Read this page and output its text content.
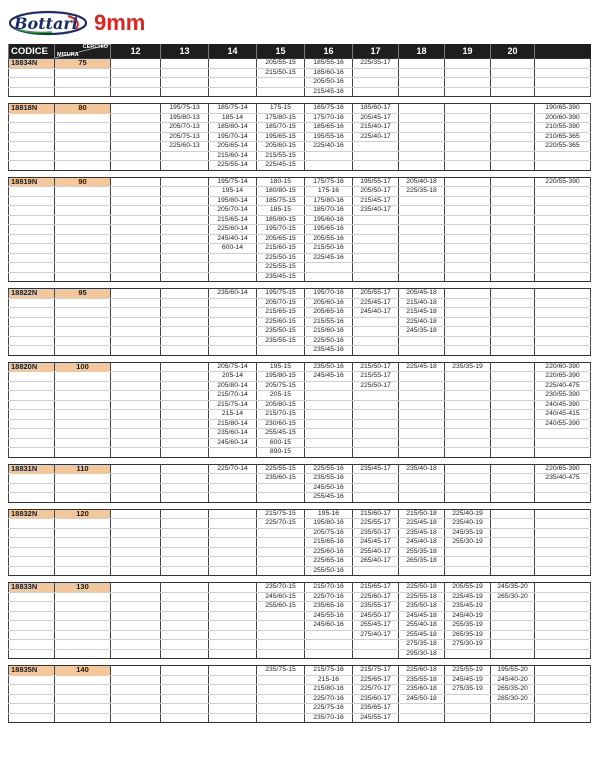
Bottari 9mm
CODICE	CERCHIO
MISURA	12	13	14	15	16	17	18	19	20	
18834N	75				205/55-15	185/55-16	225/35-17				
					215/50-15	185/60-16					
						205/50-16					
						215/45-16					

18818N	80		195/75-13	185/75-14	175-15	165/75-16	185/60-17				190/65-390
			195/80-13	185-14	175/80-15	175/70-16	205/45-17				200/60-390
			205/70-13	185/80-14	185/70-15	185/65-16	215/40-17				210/55-390
			205/75-13	195/70-14	195/65-15	195/55-16	225/40-17				210/65-365
			225/60-13	205/65-14	205/60-15	225/40-16					220/55-365
				215/60-14	215/55-15						
				225/55-14	225/45-15						

18819N	90			195/75-14	180-15	175/75-16	195/55-17	205/40-18			220/55-390
				195-14	180/80-15	175-16	205/50-17	225/35-18			
				195/80-14	185/75-15	175/80-16	215/45-17				
				205/70-14	185-15	185/70-16	235/40-17				
				215/65-14	185/80-15	195/60-16					
				225/60-14	195/70-15	195/65-16					
				245/40-14	205/65-15	205/55-16					
				600-14	215/60-15	215/50-16					
					225/50-15	225/45-16					
					225/55-15						
					235/45-15						

18822N	95			235/60-14	195/75-15	195/70-16	205/55-17	205/45-18			
					205/70-15	205/60-16	225/45-17	215/40-18			
					215/65-15	205/65-16	245/40-17	215/45-18			
					225/60-15	215/55-16		225/40-18			
					235/50-15	215/60-16		245/35-18			
					235/55-15	225/50-16					
						235/45-16					

18820N	100			205/75-14	195-15	235/50-16	215/50-17	225/45-18	235/35-19		220/60-390
				205-14	195/80-15	245/45-16	215/55-17				220/65-390
				205/80-14	205/75-15		225/50-17				225/40-475
				215/70-14	205-15						230/55-390
				215/75-14	205/80-15						240/45-390
				215-14	215/70-15						240/45-415
				215/80-14	230/60-15						240/55-390
				235/60-14	255/45-15						
				245/60-14	600-15						
					890-15						

18831N	110			225/70-14	225/55-15	225/55-16	235/45-17	235/40-18			220/65-390
					235/60-15	235/55-16					235/40-475
						245/50-16					
						255/45-16					

18832N	120				215/75-15	195-16	215/60-17	215/50-18	225/40-19		
					225/70-15	195/80-16	225/55-17	225/45-18	235/40-19		
						205/75-16	235/50-17	235/45-18	245/35-19		
						215/65-16	245/45-17	245/40-18	255/30-19		
						225/60-16	255/40-17	255/35-18			
						225/65-16	265/40-17	265/35-18			
						255/50-16					

18833N	130				235/70-15	215/70-16	215/65-17	225/50-18	205/55-19	245/35-20	
					245/60-15	225/70-16	225/60-17	225/55-18	225/45-19	265/30-20	
					255/60-15	235/65-16	235/55-17	235/50-18	235/45-19		
						245/55-16	245/50-17	245/45-18	245/40-19		
						245/60-16	255/45-17	255/40-18	255/35-19		
							275/40-17	255/45-18	265/35-19		
								275/35-18	275/30-19		
								295/30-18			

18835N	140				235/75-15	215/75-16	215/75-17	225/60-18	225/55-19	195/55-20	
						215-16	225/65-17	235/55-18	245/45-19	245/40-20	
						215/80-16	225/70-17	235/60-18	275/35-19	265/35-20	
						225/70-16	235/60-17	245/50-18		285/30-20	
						225/75-16	235/65-17				
						235/70-16	245/55-17				
